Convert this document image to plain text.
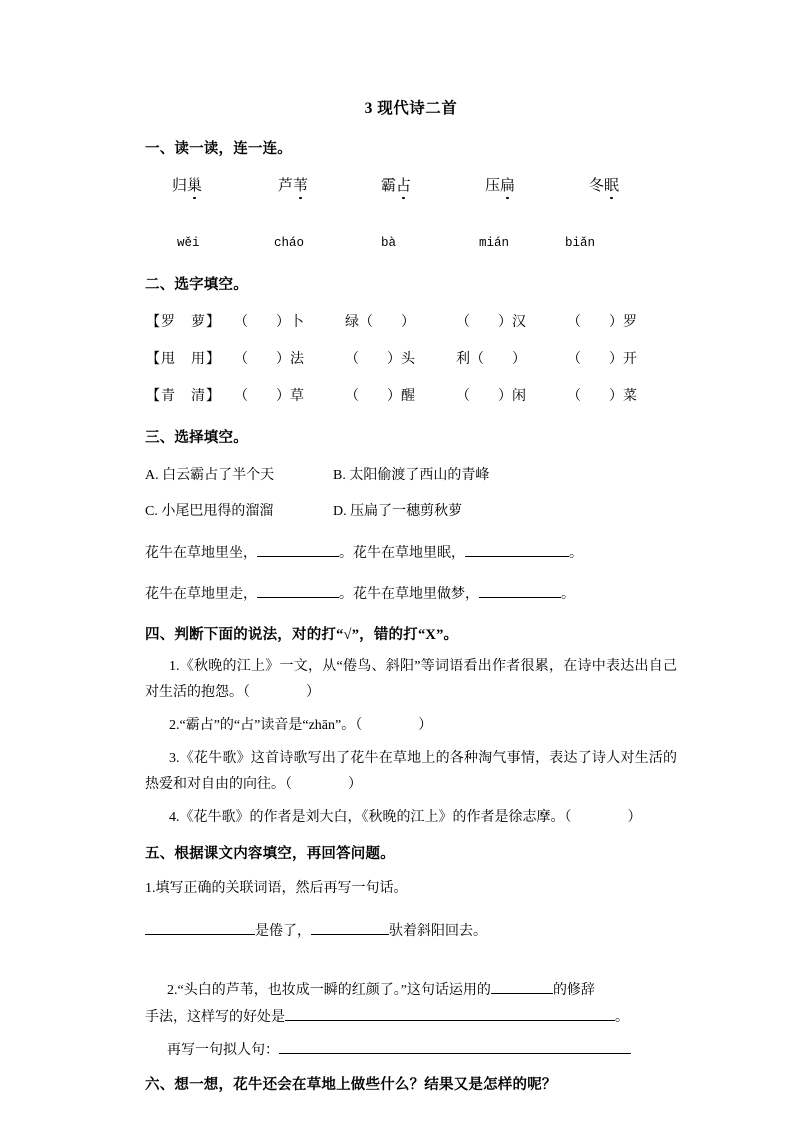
3 现代诗二首
一、读一读，连一连。
归巢	芦苇	霸占	压扁	冬眠
wěi	cháo	bà	mián	biǎn
二、选字填空。
【罗　萝】 （　　）卜	绿（　　）	（　　）汉	（　　）罗
【甩　用】 （　　）法	（　　）头	利（　　）	（　　）开
【青　清】 （　　）草	（　　）醒	（　　）闲	（　　）菜
三、选择填空。
A. 白云霸占了半个天	B. 太阳偷渡了西山的青峰
C. 小尾巴甩得的溜溜	D. 压扁了一穗剪秋萝
花牛在草地里坐，	。花牛在草地里眠，	。
花牛在草地里走，	。花牛在草地里做梦，	。
四、判断下面的说法，对的打“√”，错的打“X”。
1.《秋晚的江上》一文，从“倦鸟、斜阳”等词语看出作者很累，在诗中表达出自己对生活的抱怨。（　　　　）
2.“霸占”的“占”读音是“zhān”。（　　　　）
3.《花牛歌》这首诗歌写出了花牛在草地上的各种淘气事情，表达了诗人对生活的热爱和对自由的向往。（　　　　）
4.《花牛歌》的作者是刘大白，《秋晚的江上》的作者是徐志摩。（　　　　）
五、根据课文内容填空，再回答问题。
1.填写正确的关联词语，然后再写一句话。
是倦了，	驮着斜阳回去。
2.“头白的芦苇，也妆成一瞬的红颜了。”这句话运用的	的修辞
手法，这样写的好处是	。
再写一句拟人句：
六、想一想，花牛还会在草地上做些什么？结果又是怎样的呢？
